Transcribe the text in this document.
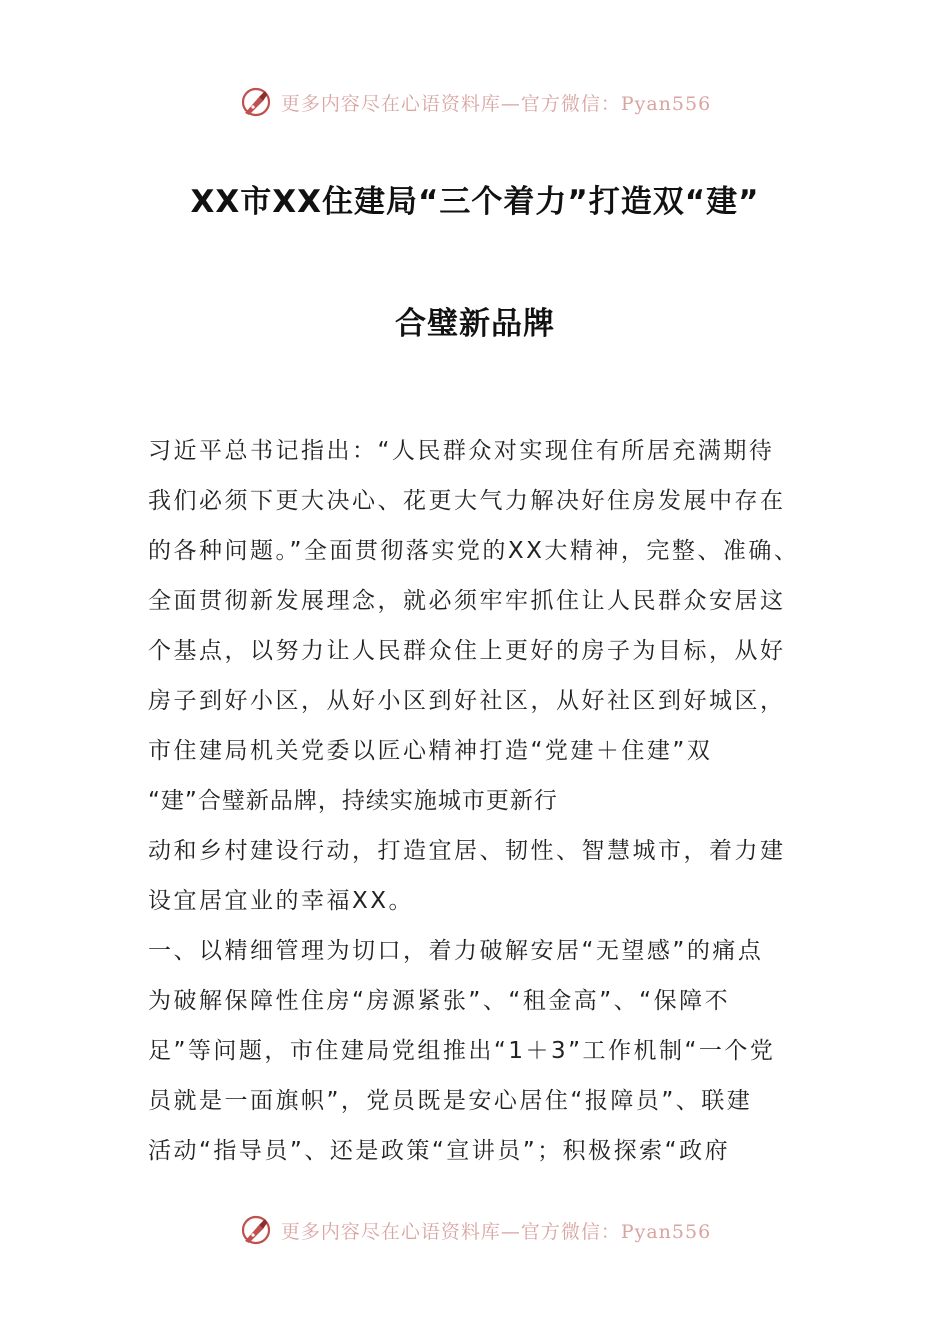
更多内容尽在心语资料库—官方微信：Pyan556
XX市XX住建局“三个着力”打造双“建”
合璧新品牌
习近平总书记指出：“人民群众对实现住有所居充满期待
我们必须下更大决心、花更大气力解决好住房发展中存在
的各种问题。”全面贯彻落实党的XX大精神，完整、准确、
全面贯彻新发展理念，就必须牢牢抓住让人民群众安居这
个基点，以努力让人民群众住上更好的房子为目标，从好
房子到好小区，从好小区到好社区，从好社区到好城区，
市住建局机关党委以匠心精神打造“党建＋住建”双
“建”合璧新品牌，持续实施城市更新行
动和乡村建设行动，打造宜居、韧性、智慧城市，着力建
设宜居宜业的幸福XX。
一、以精细管理为切口，着力破解安居“无望感”的痛点
为破解保障性住房“房源紧张”、“租金高”、“保障不
足”等问题，市住建局党组推出“1＋3”工作机制“一个党
员就是一面旗帜”，党员既是安心居住“报障员”、联建
活动“指导员”、还是政策“宣讲员”；积极探索“政府
更多内容尽在心语资料库—官方微信：Pyan556
